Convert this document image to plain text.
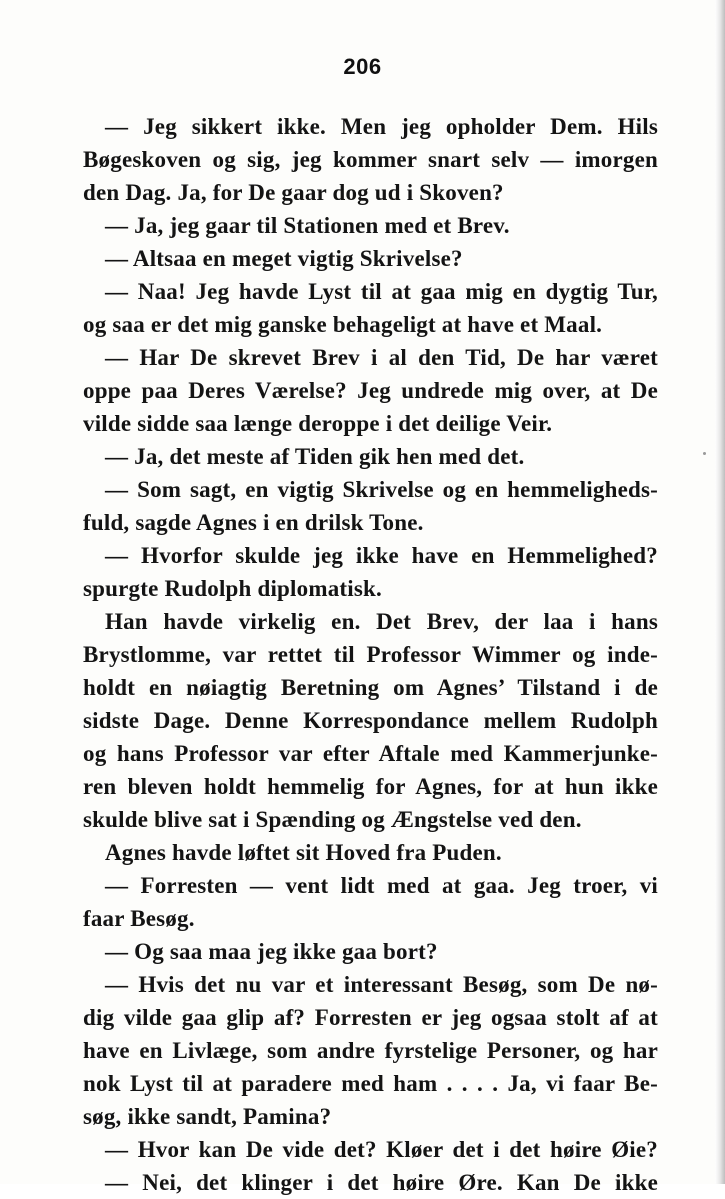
206
— Jeg sikkert ikke. Men jeg opholder Dem. Hils
Bøgeskoven og sig, jeg kommer snart selv — imorgen
den Dag. Ja, for De gaar dog ud i Skoven?
— Ja, jeg gaar til Stationen med et Brev.
— Altsaa en meget vigtig Skrivelse?
— Naa! Jeg havde Lyst til at gaa mig en dygtig Tur,
og saa er det mig ganske behageligt at have et Maal.
— Har De skrevet Brev i al den Tid, De har været
oppe paa Deres Værelse? Jeg undrede mig over, at De
vilde sidde saa længe deroppe i det deilige Veir.
— Ja, det meste af Tiden gik hen med det.
— Som sagt, en vigtig Skrivelse og en hemmeligheds-
fuld, sagde Agnes i en drilsk Tone.
— Hvorfor skulde jeg ikke have en Hemmelighed?
spurgte Rudolph diplomatisk.
Han havde virkelig en. Det Brev, der laa i hans
Brystlomme, var rettet til Professor Wimmer og inde-
holdt en nøiagtig Beretning om Agnes’ Tilstand i de
sidste Dage. Denne Korrespondance mellem Rudolph
og hans Professor var efter Aftale med Kammerjunke-
ren bleven holdt hemmelig for Agnes, for at hun ikke
skulde blive sat i Spænding og Ængstelse ved den.
Agnes havde løftet sit Hoved fra Puden.
— Forresten — vent lidt med at gaa. Jeg troer, vi
faar Besøg.
— Og saa maa jeg ikke gaa bort?
— Hvis det nu var et interessant Besøg, som De nø-
dig vilde gaa glip af? Forresten er jeg ogsaa stolt af at
have en Livlæge, som andre fyrstelige Personer, og har
nok Lyst til at paradere med ham . . . . Ja, vi faar Be-
søg, ikke sandt, Pamina?
— Hvor kan De vide det? Kløer det i det høire Øie?
— Nei, det klinger i det høire Øre. Kan De ikke
